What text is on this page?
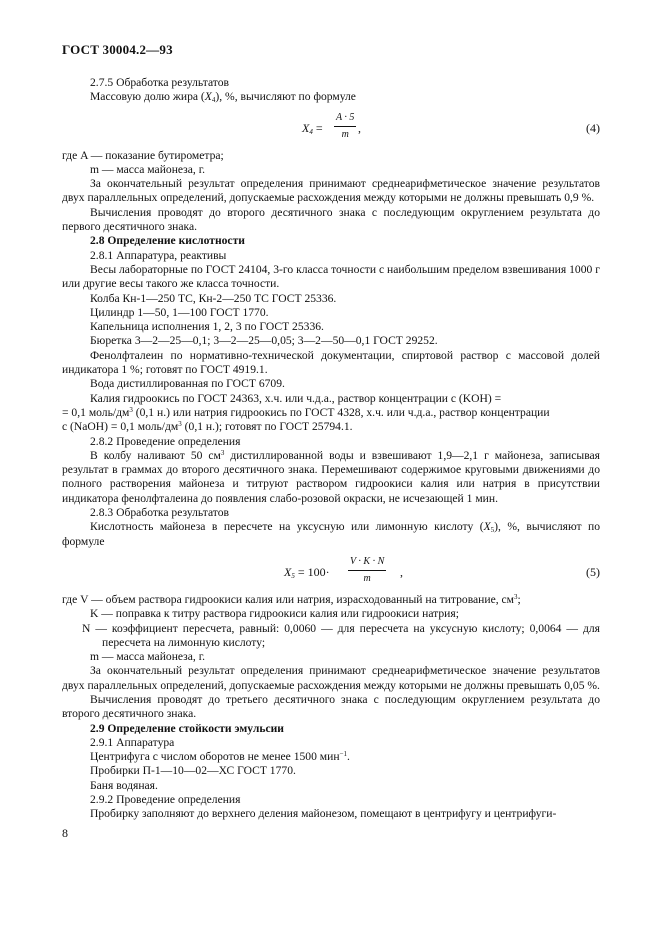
ГОСТ 30004.2—93

2.7.5 Обработка результатов

Массовую долю жира $(X_4)$, %, вычисляют по формуле

$X_4 = \frac{A \cdot 5}{m}$ ,	(4)

где A — показание бутирометра;

m — масса майонеза, г.

За окончательный результат определения принимают среднеарифметическое значение результатов двух параллельных определений, допускаемые расхождения между которыми не должны превышать 0,9 %.

Вычисления проводят до второго десятичного знака с последующим округлением результата до первого десятичного знака.

2.8 Определение кислотности

2.8.1 Аппаратура, реактивы

Весы лабораторные по ГОСТ 24104, 3-го класса точности с наибольшим пределом взвешивания 1000 г или другие весы такого же класса точности.

Колба Кн-1—250 ТС, Кн-2—250 ТС ГОСТ 25336.

Цилиндр 1—50, 1—100 ГОСТ 1770.

Капельница исполнения 1, 2, 3 по ГОСТ 25336.

Бюретка 3—2—25—0,1; 3—2—25—0,05; 3—2—50—0,1 ГОСТ 29252.

Фенолфталеин по нормативно-технической документации, спиртовой раствор с массовой долей индикатора 1 %; готовят по ГОСТ 4919.1.

Вода дистиллированная по ГОСТ 6709.

Калия гидроокись по ГОСТ 24363, х.ч. или ч.д.а., раствор концентрации c (KOH) =

= 0,1 моль/$дм^3$ (0,1 н.) или натрия гидроокись по ГОСТ 4328, х.ч. или ч.д.а., раствор концентрации

c (NaOH) = 0,1 моль/$дм^3$ (0,1 н.); готовят по ГОСТ 25794.1.

2.8.2 Проведение определения

В колбу наливают 50 $см^3$ дистиллированной воды и взвешивают 1,9—2,1 г майонеза, записывая результат в граммах до второго десятичного знака. Перемешивают содержимое круговыми движениями до полного растворения майонеза и титруют раствором гидроокиси калия или натрия в присутствии индикатора фенолфталеина до появления слабо-розовой окраски, не исчезающей 1 мин.

2.8.3 Обработка результатов

Кислотность майонеза в пересчете на уксусную или лимонную кислоту $(X_5)$, %, вычисляют по формуле

$X_5 = 100\cdot \frac{V \cdot K \cdot N}{m}$ ,	(5)

где V — объем раствора гидроокиси калия или натрия, израсходованный на титрование, $см^3$;

K — поправка к титру раствора гидроокиси калия или гидроокиси натрия;

N — коэффициент пересчета, равный: 0,0060 — для пересчета на уксусную кислоту; 0,0064 — для пересчета на лимонную кислоту;

m — масса майонеза, г.

За окончательный результат определения принимают среднеарифметическое значение результатов двух параллельных определений, допускаемые расхождения между которыми не должны превышать 0,05 %.

Вычисления проводят до третьего десятичного знака с последующим округлением результата до второго десятичного знака.

2.9 Определение стойкости эмульсии

2.9.1 Аппаратура

Центрифуга с числом оборотов не менее 1500 мин$^{-1}$.

Пробирки П-1—10—02—ХС ГОСТ 1770.

Баня водяная.

2.9.2 Проведение определения

Пробирку заполняют до верхнего деления майонезом, помещают в центрифугу и центрифуги-

8
